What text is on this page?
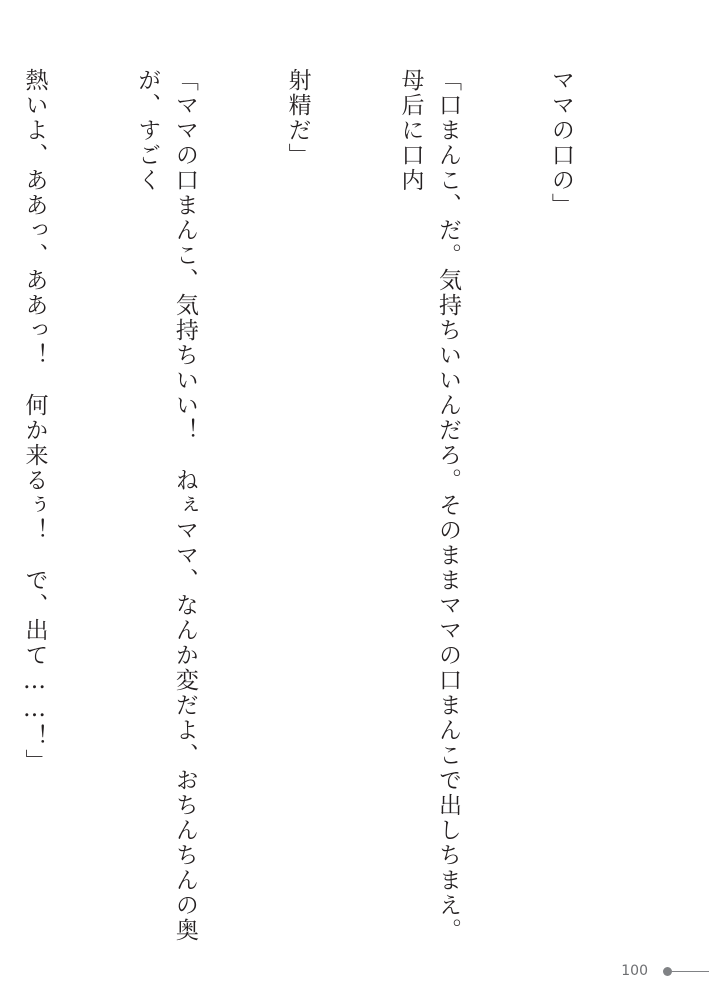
ママの口の」

「口まんこ、だ。気持ちいいんだろ。そのままママの口まんこで出しちまえ。母后に口内

射精だ」

「ママの口まんこ、気持ちいい！　ねぇママ、なんか変だよ、おちんちんの奥が、すごく

熱いよ、ああっ、ああっ！　何か来るぅ！　で、出て……！」

100
